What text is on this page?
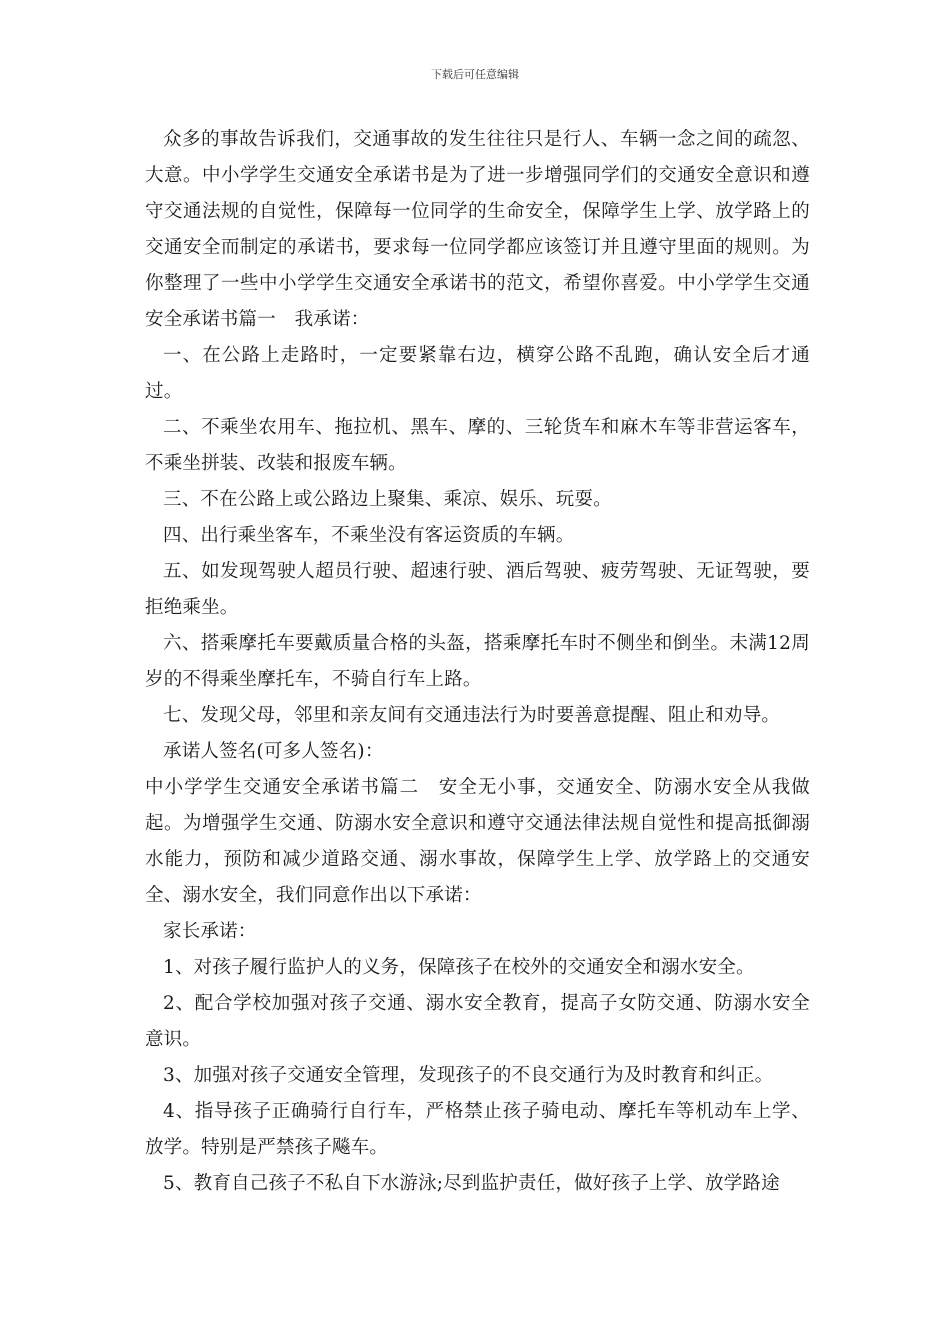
下载后可任意编辑

众多的事故告诉我们，交通事故的发生往往只是行人、车辆一念之间的疏忽、大意。中小学学生交通安全承诺书是为了进一步增强同学们的交通安全意识和遵守交通法规的自觉性，保障每一位同学的生命安全，保障学生上学、放学路上的交通安全而制定的承诺书，要求每一位同学都应该签订并且遵守里面的规则。为你整理了一些中小学学生交通安全承诺书的范文，希望你喜爱。中小学学生交通安全承诺书篇一　我承诺：

一、在公路上走路时，一定要紧靠右边，横穿公路不乱跑，确认安全后才通过。

二、不乘坐农用车、拖拉机、黑车、摩的、三轮货车和麻木车等非营运客车，不乘坐拼装、改装和报废车辆。

三、不在公路上或公路边上聚集、乘凉、娱乐、玩耍。

四、出行乘坐客车，不乘坐没有客运资质的车辆。

五、如发现驾驶人超员行驶、超速行驶、酒后驾驶、疲劳驾驶、无证驾驶，要拒绝乘坐。

六、搭乘摩托车要戴质量合格的头盔，搭乘摩托车时不侧坐和倒坐。未满12周岁的不得乘坐摩托车，不骑自行车上路。

七、发现父母，邻里和亲友间有交通违法行为时要善意提醒、阻止和劝导。

承诺人签名(可多人签名)：

中小学学生交通安全承诺书篇二　安全无小事，交通安全、防溺水安全从我做起。为增强学生交通、防溺水安全意识和遵守交通法律法规自觉性和提高抵御溺水能力，预防和减少道路交通、溺水事故，保障学生上学、放学路上的交通安全、溺水安全，我们同意作出以下承诺：

家长承诺：

1、对孩子履行监护人的义务，保障孩子在校外的交通安全和溺水安全。

2、配合学校加强对孩子交通、溺水安全教育，提高子女防交通、防溺水安全意识。

3、加强对孩子交通安全管理，发现孩子的不良交通行为及时教育和纠正。

4、指导孩子正确骑行自行车，严格禁止孩子骑电动、摩托车等机动车上学、放学。特别是严禁孩子飚车。

5、教育自己孩子不私自下水游泳;尽到监护责任，做好孩子上学、放学路途
